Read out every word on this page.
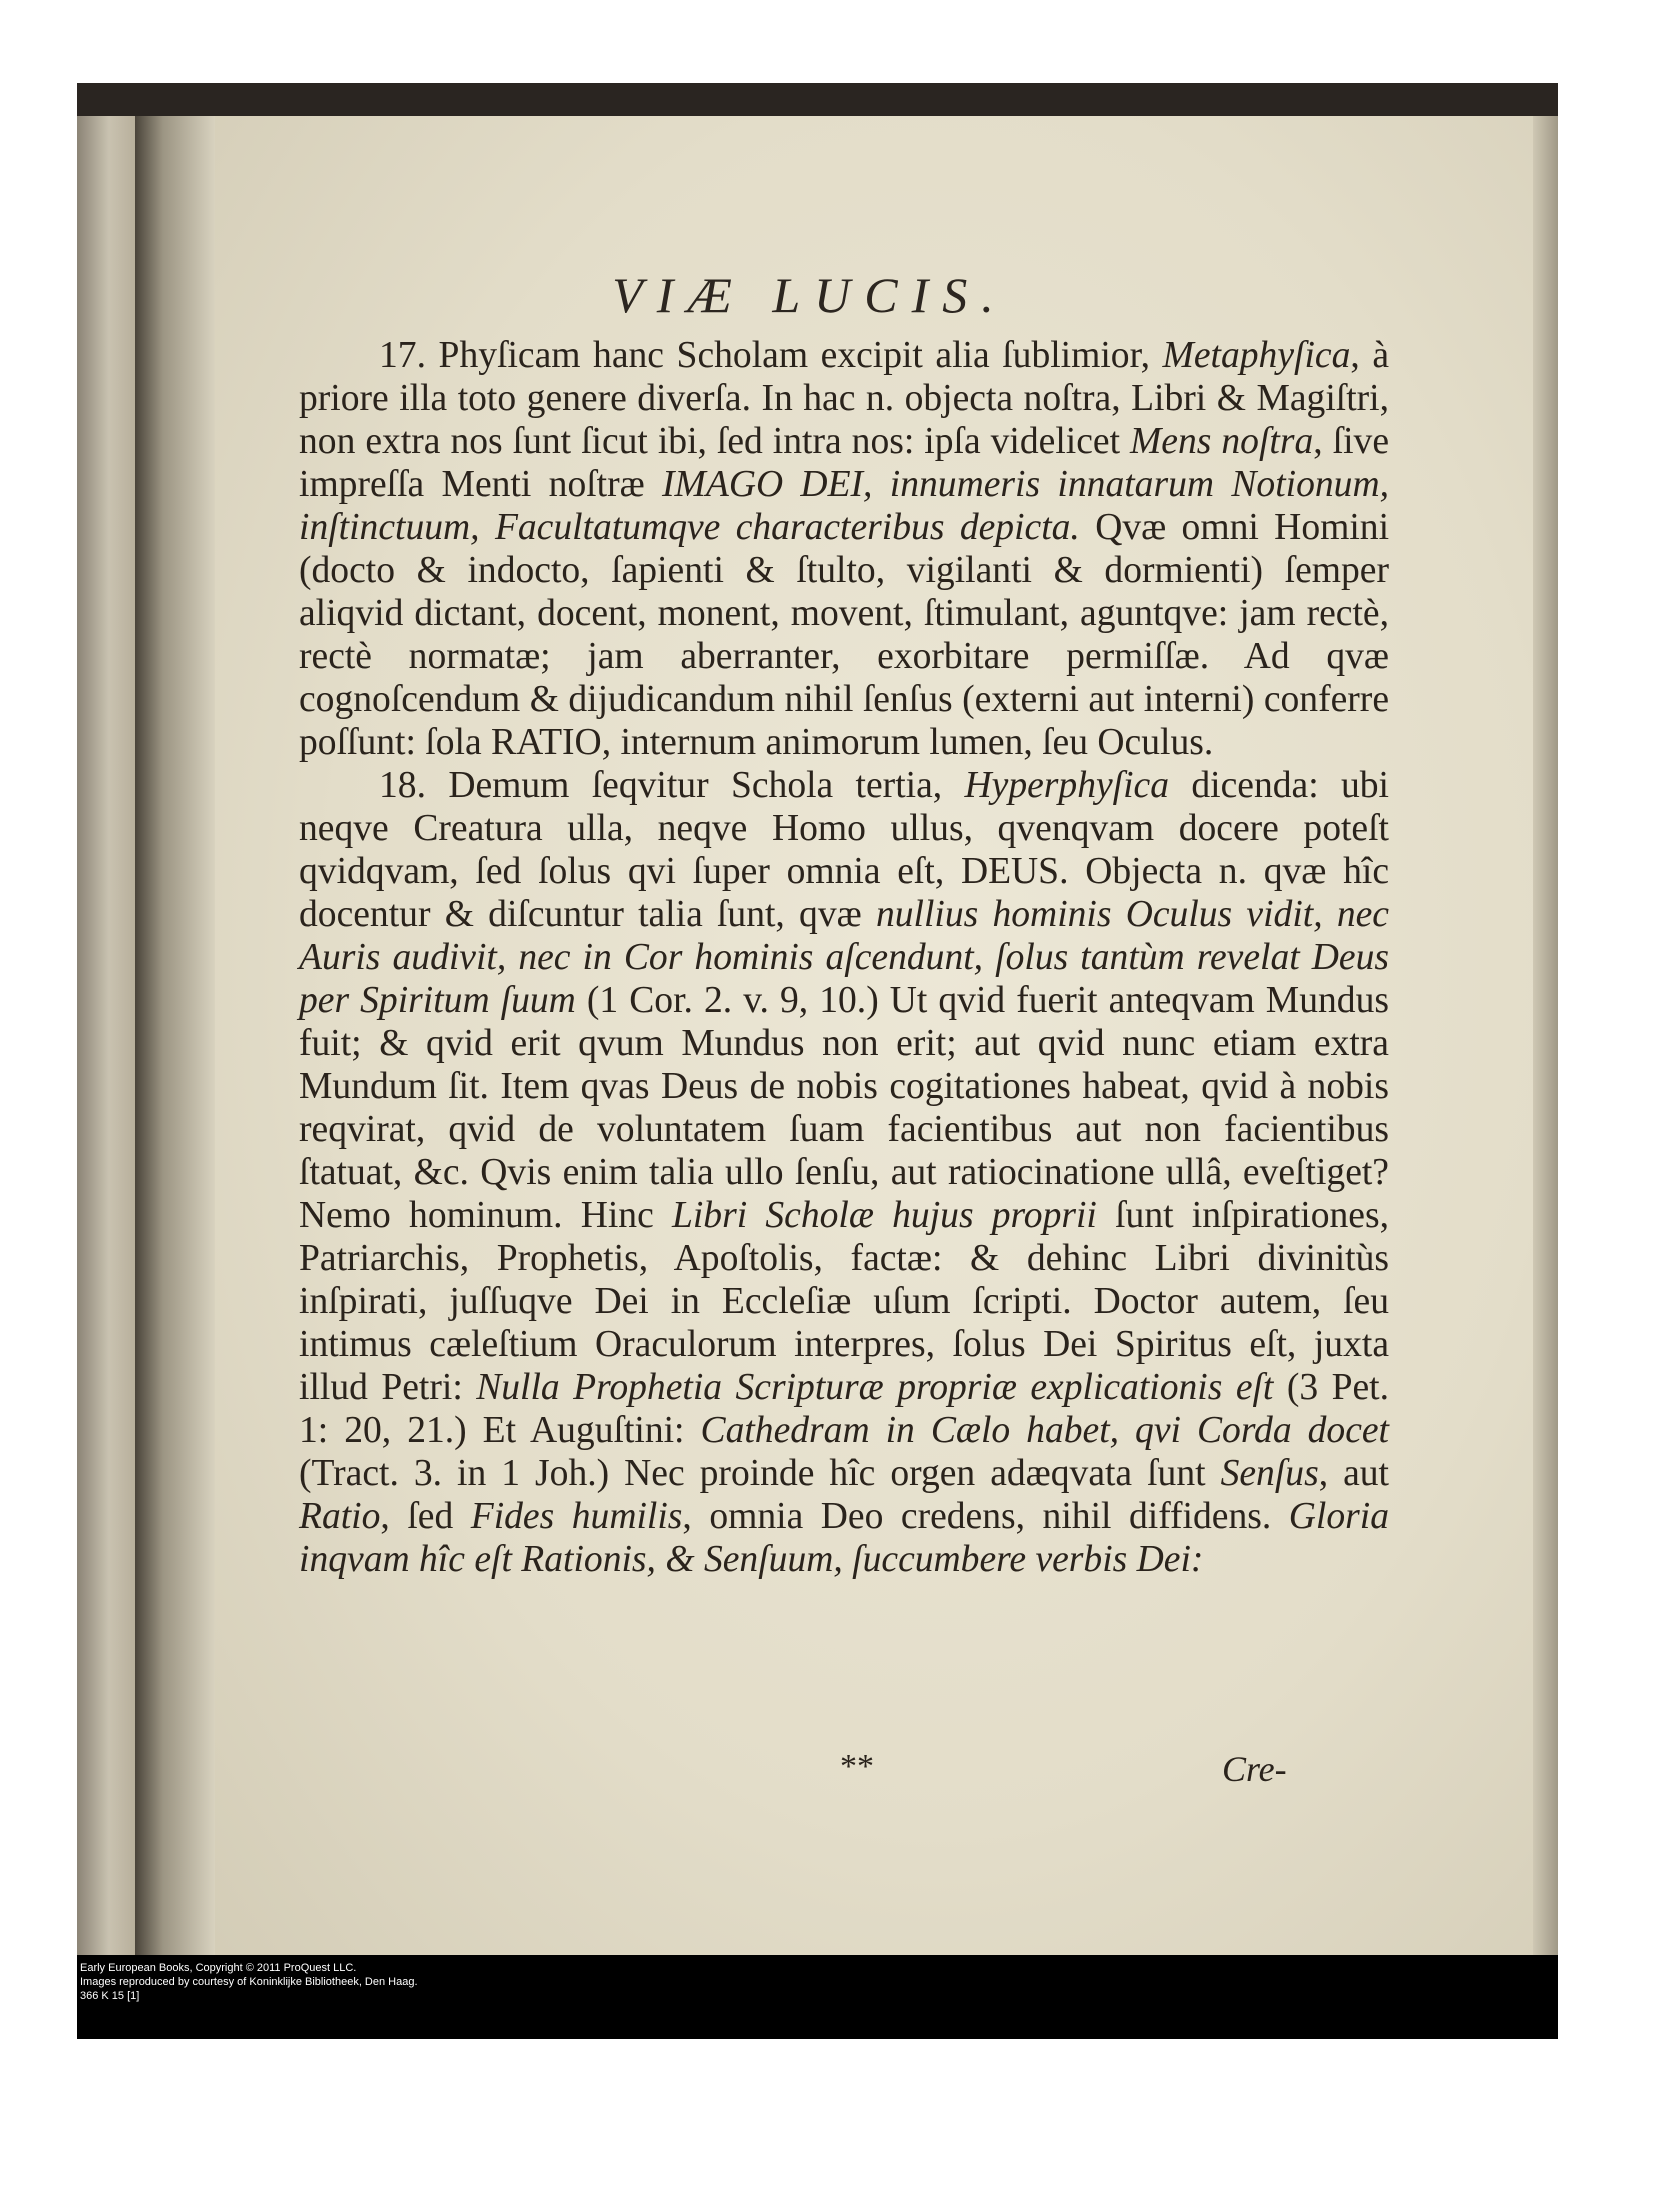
VIÆ LUCIS.

17. Phyſicam hanc Scholam excipit alia ſublimior, Metaphyſica, à priore illa toto genere diverſa. In hac n. objecta noſtra, Libri & Magiſtri, non extra nos ſunt ſicut ibi, ſed intra nos: ipſa videlicet Mens noſtra, ſive impreſſa Menti noſtræ IMAGO DEI, innumeris innatarum Notionum, inſtinctuum, Facultatumqve characteribus depicta. Qvæ omni Homini (docto & indocto, ſapienti & ſtulto, vigilanti & dormienti) ſemper aliqvid dictant, docent, monent, movent, ſtimulant, aguntqve: jam rectè, rectè normatæ; jam aberranter, exorbitare permiſſæ. Ad qvæ cognoſcendum & dijudicandum nihil ſenſus (externi aut interni) conferre poſſunt: ſola RATIO, internum animorum lumen, ſeu Oculus.

18. Demum ſeqvitur Schola tertia, Hyperphyſica dicenda: ubi neqve Creatura ulla, neqve Homo ullus, qvenqvam docere poteſt qvidqvam, ſed ſolus qvi ſuper omnia eſt, DEUS. Objecta n. qvæ hîc docentur & diſcuntur talia ſunt, qvæ nullius hominis Oculus vidit, nec Auris audivit, nec in Cor hominis aſcendunt, ſolus tantùm revelat Deus per Spiritum ſuum (1 Cor. 2. v. 9, 10.) Ut qvid fuerit anteqvam Mundus fuit; & qvid erit qvum Mundus non erit; aut qvid nunc etiam extra Mundum ſit. Item qvas Deus de nobis cogitationes habeat, qvid à nobis reqvirat, qvid de voluntatem ſuam facientibus aut non facientibus ſtatuat, &c. Qvis enim talia ullo ſenſu, aut ratiocinatione ullâ, eveſtiget? Nemo hominum. Hinc Libri Scholæ hujus proprii ſunt inſpirationes, Patriarchis, Prophetis, Apoſtolis, factæ: & dehinc Libri divinitùs inſpirati, juſſuqve Dei in Eccleſiæ uſum ſcripti. Doctor autem, ſeu intimus cæleſtium Oraculorum interpres, ſolus Dei Spiritus eſt, juxta illud Petri: Nulla Prophetia Scripturæ propriæ explicationis eſt (3 Pet. 1: 20, 21.) Et Auguſtini: Cathedram in Cælo habet, qvi Corda docet (Tract. 3. in 1 Joh.) Nec proinde hîc orgen adæqvata ſunt Senſus, aut Ratio, ſed Fides humilis, omnia Deo credens, nihil diffidens. Gloria inqvam hîc eſt Rationis, & Senſuum, ſuccumbere verbis Dei:

**	Cre-
Early European Books, Copyright © 2011 ProQuest LLC.
Images reproduced by courtesy of Koninklijke Bibliotheek, Den Haag.
366 K 15 [1]
